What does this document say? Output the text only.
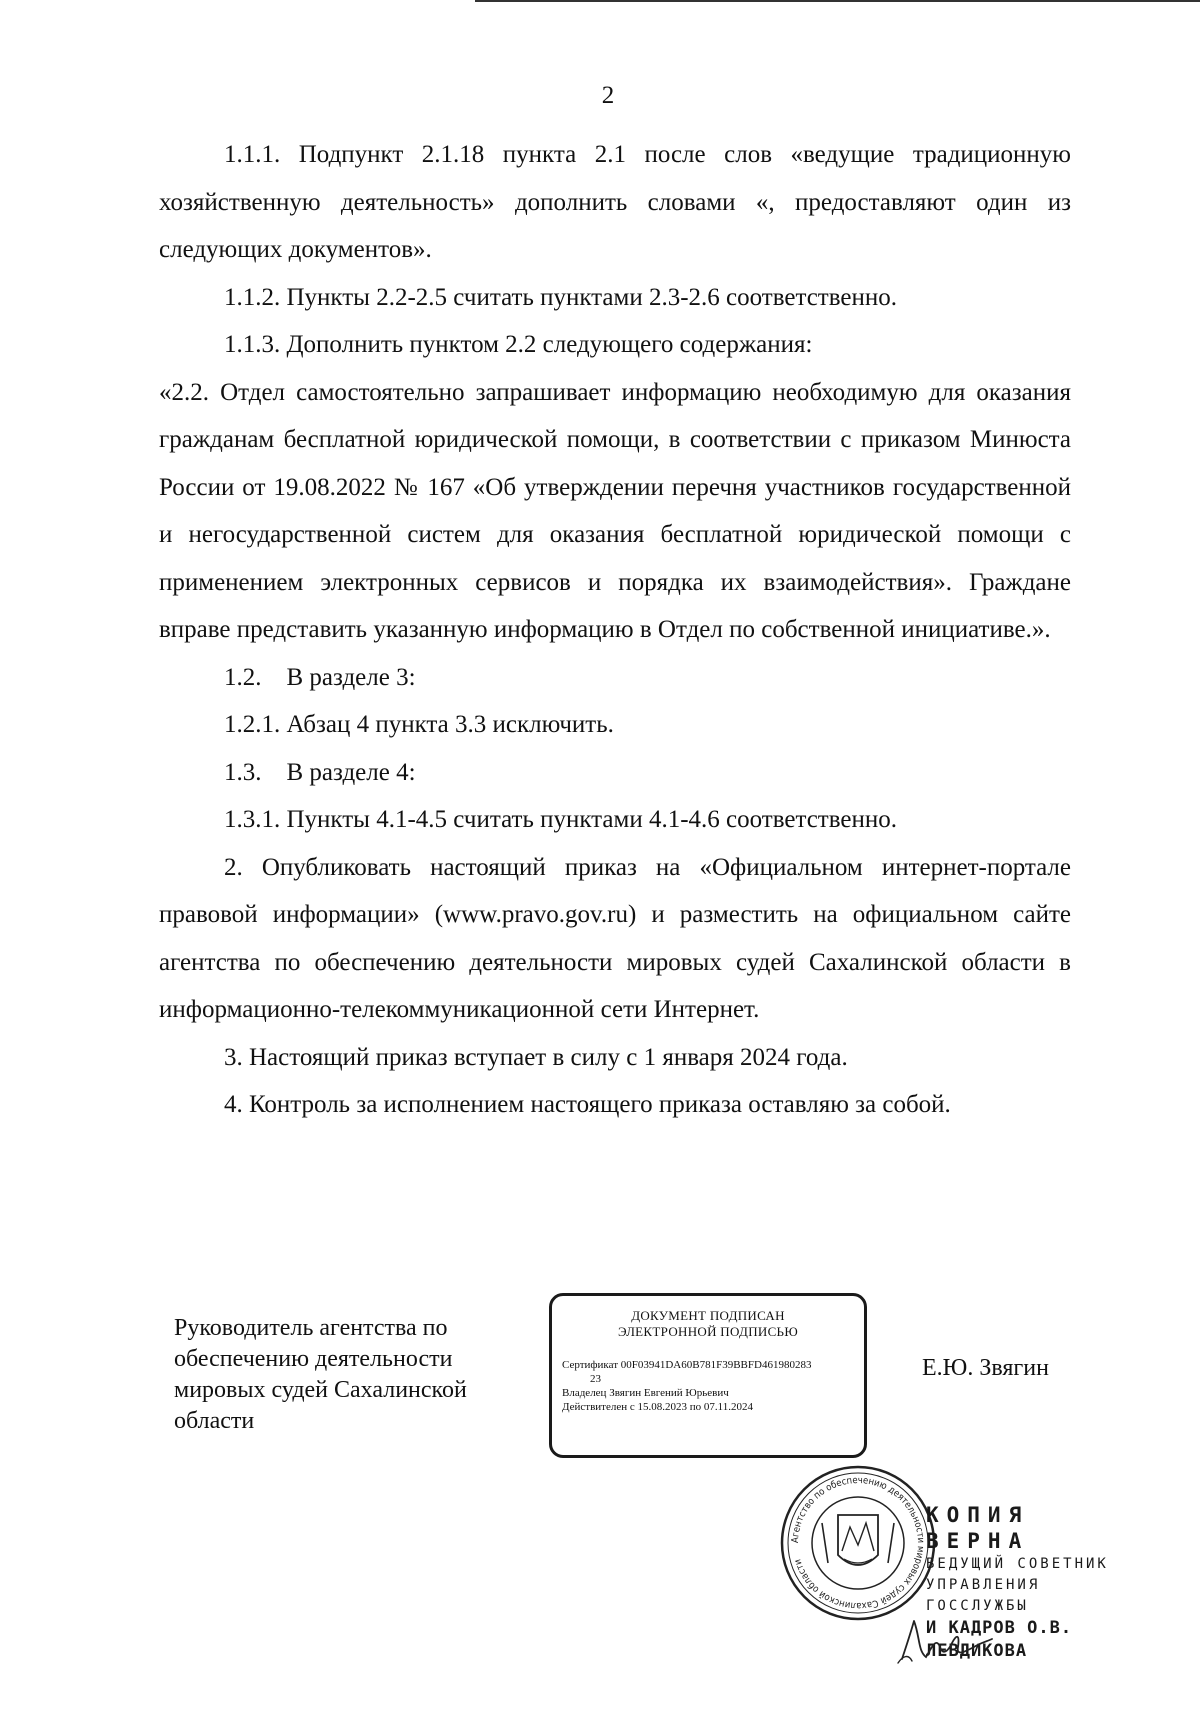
2

1.1.1. Подпункт 2.1.18 пункта 2.1 после слов «ведущие традиционную хозяйственную деятельность» дополнить словами «, предоставляют один из следующих документов».

1.1.2. Пункты 2.2-2.5 считать пунктами 2.3-2.6 соответственно.

1.1.3. Дополнить пунктом 2.2 следующего содержания:

«2.2. Отдел самостоятельно запрашивает информацию необходимую для оказания гражданам бесплатной юридической помощи, в соответствии с приказом Минюста России от 19.08.2022 № 167 «Об утверждении перечня участников государственной и негосударственной систем для оказания бесплатной юридической помощи с применением электронных сервисов и порядка их взаимодействия». Граждане вправе представить указанную информацию в Отдел по собственной инициативе.».

1.2.    В разделе 3:

1.2.1. Абзац 4 пункта 3.3 исключить.

1.3.    В разделе 4:

1.3.1. Пункты 4.1-4.5 считать пунктами 4.1-4.6 соответственно.

2. Опубликовать настоящий приказ на «Официальном интернет-портале правовой информации» (www.pravo.gov.ru) и разместить на официальном сайте агентства по обеспечению деятельности мировых судей Сахалинской области в информационно-телекоммуникационной сети Интернет.

3. Настоящий приказ вступает в силу с 1 января 2024 года.

4. Контроль за исполнением настоящего приказа оставляю за собой.

Руководитель агентства по
обеспечению деятельности
мировых судей Сахалинской
области
ДОКУМЕНТ ПОДПИСАН
ЭЛЕКТРОННОЙ ПОДПИСЬЮ
Сертификат 00F03941DA60B781F39BBFD461980283
23
Владелец Звягин Евгений Юрьевич
Действителен с 15.08.2023 по 07.11.2024
Е.Ю. Звягин
Агентство по обеспечению деятельности мировых судей Сахалинской области
КОПИЯ ВЕРНА
ВЕДУЩИЙ СОВЕТНИК
УПРАВЛЕНИЯ ГОССЛУЖБЫ
И КАДРОВ О.В. ЛЕВДИКОВА
